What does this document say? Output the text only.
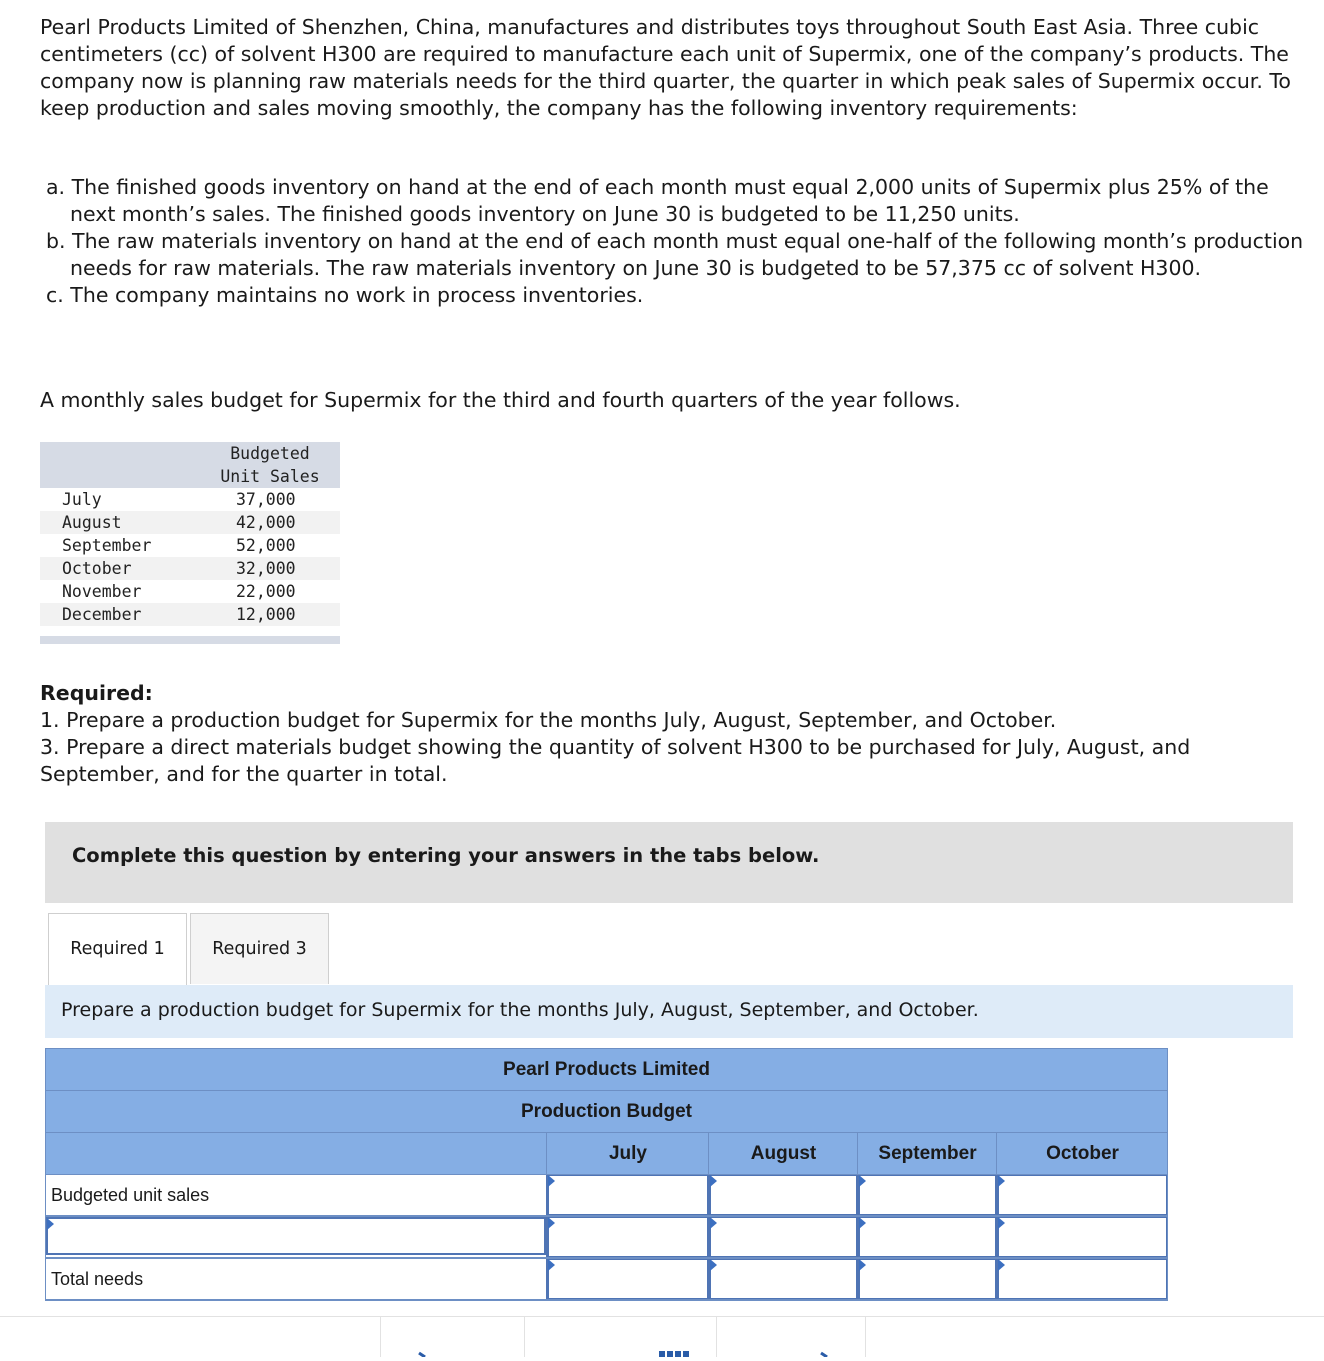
Pearl Products Limited of Shenzhen, China, manufactures and distributes toys throughout South East Asia. Three cubic centimeters (cc) of solvent H300 are required to manufacture each unit of Supermix, one of the company’s products. The company now is planning raw materials needs for the third quarter, the quarter in which peak sales of Supermix occur. To keep production and sales moving smoothly, the company has the following inventory requirements:
a. The finished goods inventory on hand at the end of each month must equal 2,000 units of Supermix plus 25% of the next month’s sales. The finished goods inventory on June 30 is budgeted to be 11,250 units.
b. The raw materials inventory on hand at the end of each month must equal one-half of the following month’s production needs for raw materials. The raw materials inventory on June 30 is budgeted to be 57,375 cc of solvent H300.
c. The company maintains no work in process inventories.
A monthly sales budget for Supermix for the third and fourth quarters of the year follows.
Budgeted
Unit Sales
July	37,000
August	42,000
September	52,000
October	32,000
November	22,000
December	12,000
Required:
1. Prepare a production budget for Supermix for the months July, August, September, and October.
3. Prepare a direct materials budget showing the quantity of solvent H300 to be purchased for July, August, and September, and for the quarter in total.
Complete this question by entering your answers in the tabs below.
Required 1	Required 3
Prepare a production budget for Supermix for the months July, August, September, and October.
Pearl Products Limited
Production Budget
July	August	September	October
Budgeted unit sales
Total needs
